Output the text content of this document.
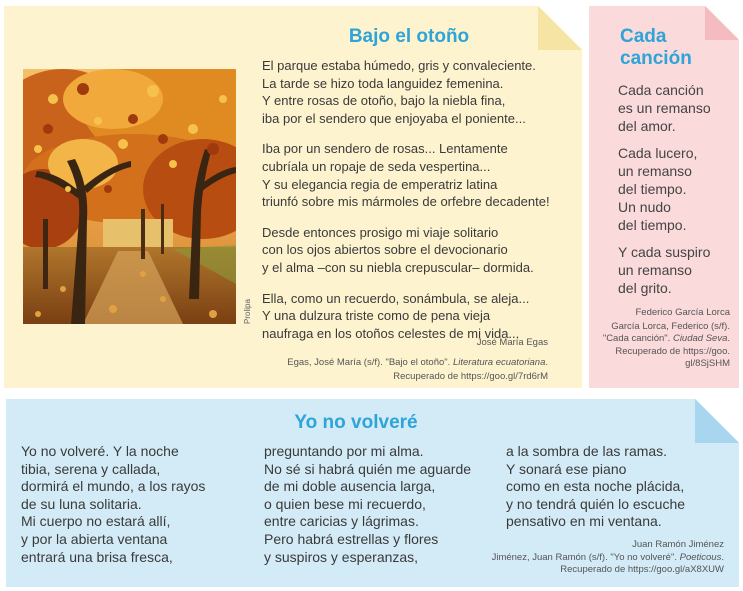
Bajo el otoño
Prolipa
El parque estaba húmedo, gris y convaleciente.
La tarde se hizo toda languidez femenina.
Y entre rosas de otoño, bajo la niebla fina,
iba por el sendero que enjoyaba el poniente...
Iba por un sendero de rosas... Lentamente
cubríala un ropaje de seda vespertina...
Y su elegancia regia de emperatriz latina
triunfó sobre mis mármoles de orfebre decadente!
Desde entonces prosigo mi viaje solitario
con los ojos abiertos sobre el devocionario
y el alma –con su niebla crepuscular– dormida.
Ella, como un recuerdo, sonámbula, se aleja...
Y una dulzura triste como de pena vieja
naufraga en los otoños celestes de mi vida...
José María Egas
Egas, José María (s/f). "Bajo el otoño". Literatura ecuatoriana.
Recuperado de https://goo.gl/7rd6rM
Cada
canción
Cada canción
es un remanso
del amor.
Cada lucero,
un remanso
del tiempo.
Un nudo
del tiempo.
Y cada suspiro
un remanso
del grito.
Federico García Lorca
García Lorca, Federico (s/f).
"Cada canción". Ciudad Seva.
Recuperado de https://goo.
gl/8SjSHM
Yo no volveré
Yo no volveré. Y la noche
tibia, serena y callada,
dormirá el mundo, a los rayos
de su luna solitaria.
Mi cuerpo no estará allí,
y por la abierta ventana
entrará una brisa fresca,
preguntando por mi alma.
No sé si habrá quién me aguarde
de mi doble ausencia larga,
o quien bese mi recuerdo,
entre caricias y lágrimas.
Pero habrá estrellas y flores
y suspiros y esperanzas,
a la sombra de las ramas.
Y sonará ese piano
como en esta noche plácida,
y no tendrá quién lo escuche
pensativo en mi ventana.
Juan Ramón Jiménez
Jiménez, Juan Ramón (s/f). "Yo no volveré". Poeticous.
Recuperado de https://goo.gl/aX8XUW
